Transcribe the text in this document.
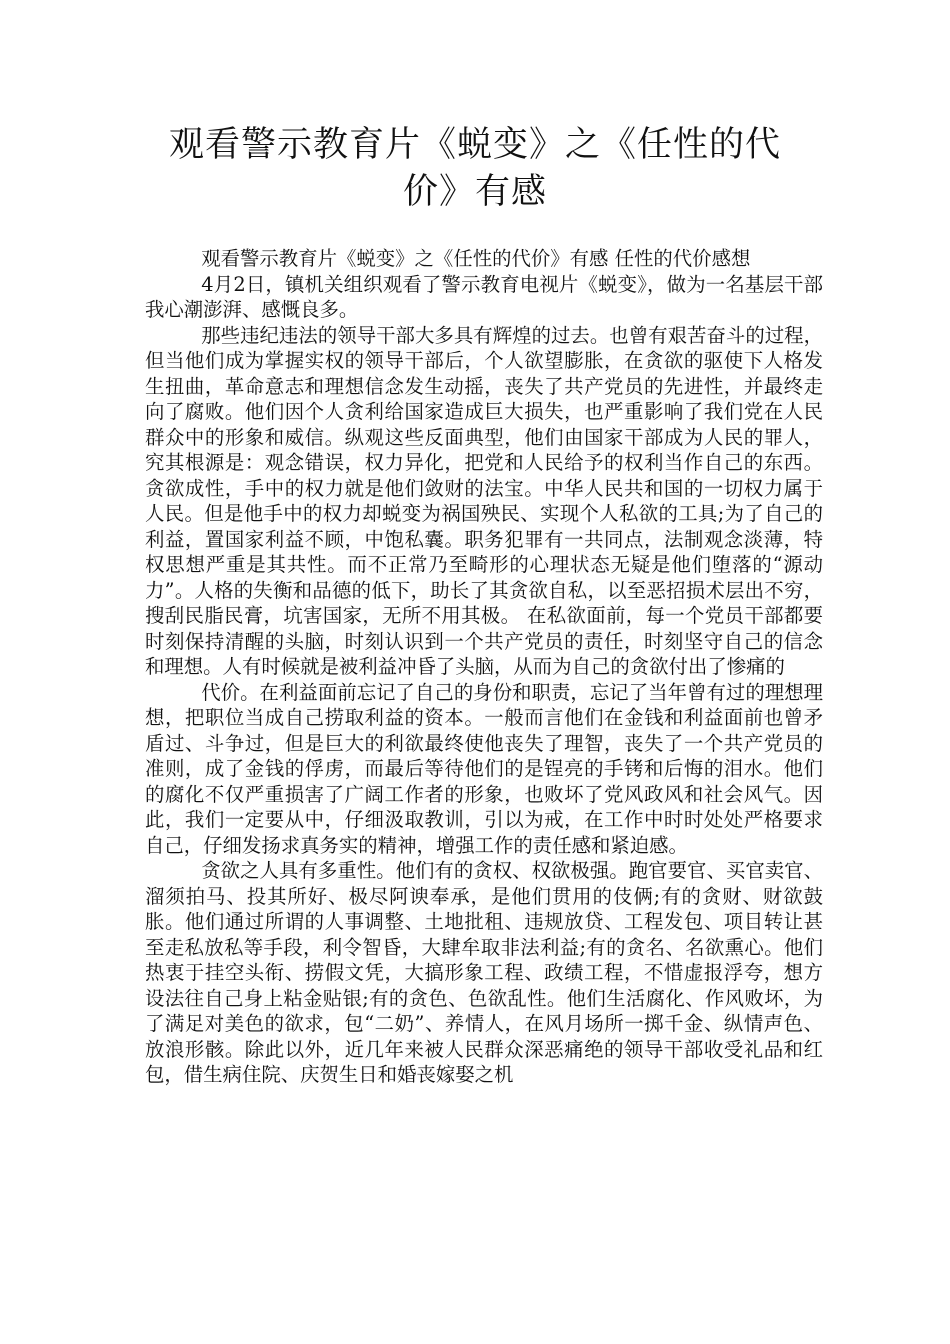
观看警示教育片《蜕变》之《任性的代
价》有感

观看警示教育片《蜕变》之《任性的代价》有感 任性的代价感想

4月2日，镇机关组织观看了警示教育电视片《蜕变》，做为一名基层干部我心潮澎湃、感慨良多。

那些违纪违法的领导干部大多具有辉煌的过去。也曾有艰苦奋斗的过程，但当他们成为掌握实权的领导干部后，个人欲望膨胀，在贪欲的驱使下人格发生扭曲，革命意志和理想信念发生动摇，丧失了共产党员的先进性，并最终走向了腐败。他们因个人贪利给国家造成巨大损失，也严重影响了我们党在人民群众中的形象和威信。纵观这些反面典型，他们由国家干部成为人民的罪人，究其根源是：观念错误，权力异化，把党和人民给予的权利当作自己的东西。贪欲成性，手中的权力就是他们敛财的法宝。中华人民共和国的一切权力属于人民。但是他手中的权力却蜕变为祸国殃民、实现个人私欲的工具;为了自己的利益，置国家利益不顾，中饱私囊。职务犯罪有一共同点，法制观念淡薄，特权思想严重是其共性。而不正常乃至畸形的心理状态无疑是他们堕落的“源动力”。人格的失衡和品德的低下，助长了其贪欲自私，以至恶招损术层出不穷，搜刮民脂民膏，坑害国家，无所不用其极。 在私欲面前，每一个党员干部都要时刻保持清醒的头脑，时刻认识到一个共产党员的责任，时刻坚守自己的信念和理想。人有时候就是被利益冲昏了头脑，从而为自己的贪欲付出了惨痛的

代价。在利益面前忘记了自己的身份和职责，忘记了当年曾有过的理想理想，把职位当成自己捞取利益的资本。一般而言他们在金钱和利益面前也曾矛盾过、斗争过，但是巨大的利欲最终使他丧失了理智，丧失了一个共产党员的准则，成了金钱的俘虏，而最后等待他们的是锃亮的手铐和后悔的泪水。他们的腐化不仅严重损害了广阔工作者的形象，也败坏了党风政风和社会风气。因此，我们一定要从中，仔细汲取教训，引以为戒，在工作中时时处处严格要求自己，仔细发扬求真务实的精神，增强工作的责任感和紧迫感。

贪欲之人具有多重性。他们有的贪权、权欲极强。跑官要官、买官卖官、溜须拍马、投其所好、极尽阿谀奉承，是他们贯用的伎俩;有的贪财、财欲鼓胀。他们通过所谓的人事调整、土地批租、违规放贷、工程发包、项目转让甚至走私放私等手段，利令智昏，大肆牟取非法利益;有的贪名、名欲熏心。他们热衷于挂空头衔、捞假文凭，大搞形象工程、政绩工程，不惜虚报浮夸，想方设法往自己身上粘金贴银;有的贪色、色欲乱性。他们生活腐化、作风败坏，为了满足对美色的欲求，包“二奶”、养情人，在风月场所一掷千金、纵情声色、放浪形骸。除此以外，近几年来被人民群众深恶痛绝的领导干部收受礼品和红包，借生病住院、庆贺生日和婚丧嫁娶之机
